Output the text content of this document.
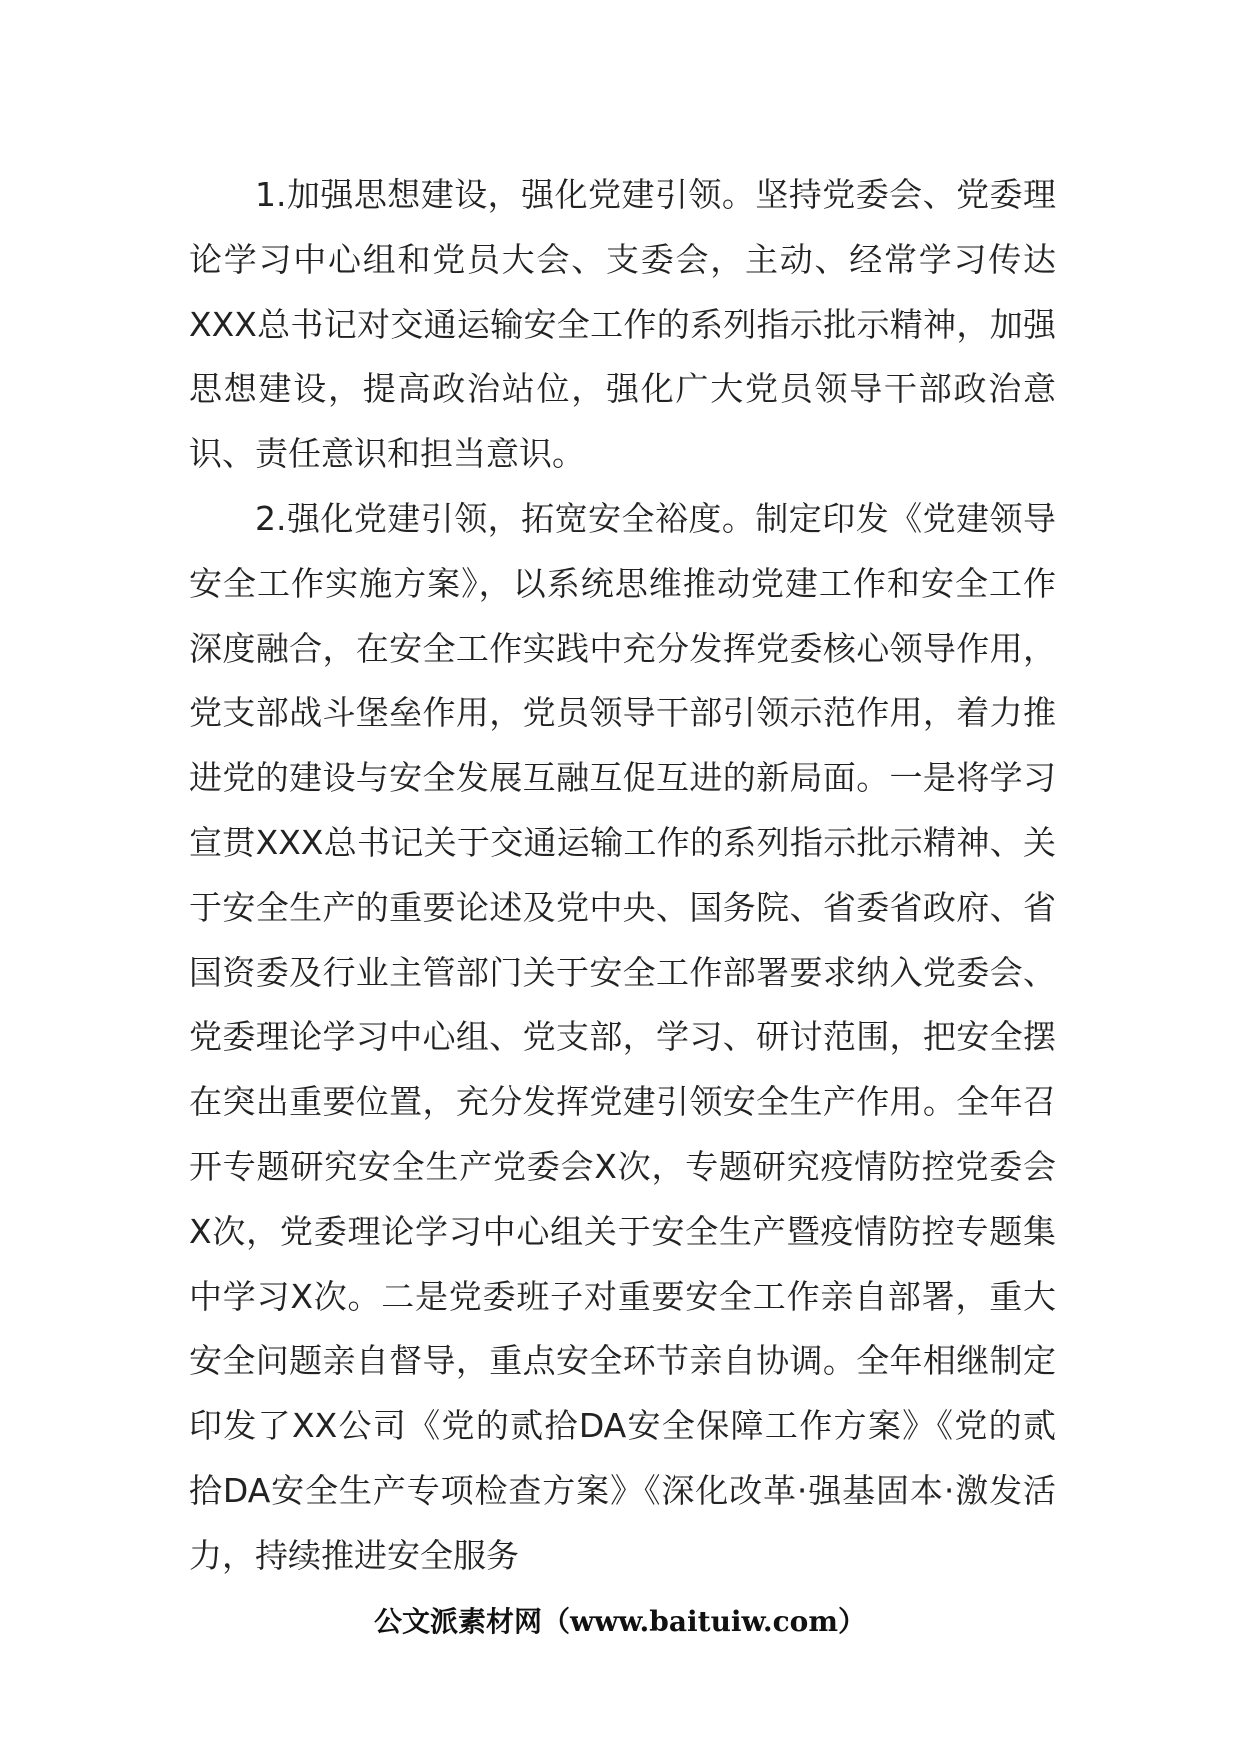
1.加强思想建设，强化党建引领。坚持党委会、党委理论学习中心组和党员大会、支委会，主动、经常学习传达XXX总书记对交通运输安全工作的系列指示批示精神，加强思想建设，提高政治站位，强化广大党员领导干部政治意识、责任意识和担当意识。

2.强化党建引领，拓宽安全裕度。制定印发《党建领导安全工作实施方案》，以系统思维推动党建工作和安全工作深度融合，在安全工作实践中充分发挥党委核心领导作用，党支部战斗堡垒作用，党员领导干部引领示范作用，着力推进党的建设与安全发展互融互促互进的新局面。一是将学习宣贯XXX总书记关于交通运输工作的系列指示批示精神、关于安全生产的重要论述及党中央、国务院、省委省政府、省国资委及行业主管部门关于安全工作部署要求纳入党委会、党委理论学习中心组、党支部，学习、研讨范围，把安全摆在突出重要位置，充分发挥党建引领安全生产作用。全年召开专题研究安全生产党委会X次，专题研究疫情防控党委会X次，党委理论学习中心组关于安全生产暨疫情防控专题集中学习X次。二是党委班子对重要安全工作亲自部署，重大安全问题亲自督导，重点安全环节亲自协调。全年相继制定印发了XX公司《党的贰拾DA安全保障工作方案》《党的贰拾DA安全生产专项检查方案》《深化改革·强基固本·激发活力，持续推进安全服务

公文派素材网（www.baituiw.com）
